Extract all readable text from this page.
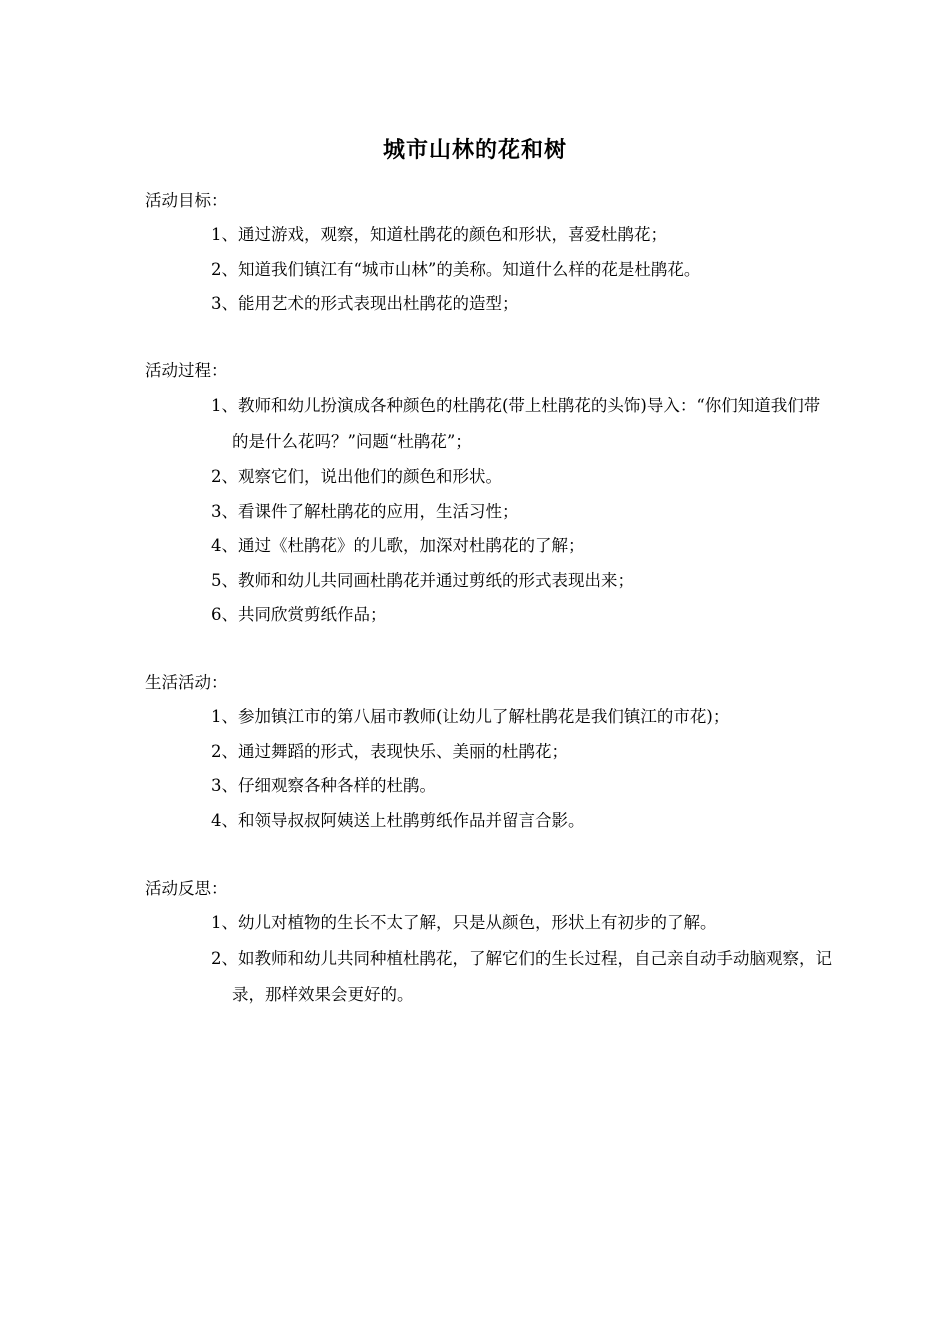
城市山林的花和树
活动目标：
1、通过游戏，观察，知道杜鹃花的颜色和形状，喜爱杜鹃花；
2、知道我们镇江有“城市山林”的美称。知道什么样的花是杜鹃花。
3、能用艺术的形式表现出杜鹃花的造型；
活动过程：
1、教师和幼儿扮演成各种颜色的杜鹃花(带上杜鹃花的头饰)导入：“你们知道我们带的是什么花吗？”问题“杜鹃花”；
2、观察它们，说出他们的颜色和形状。
3、看课件了解杜鹃花的应用，生活习性；
4、通过《杜鹃花》的儿歌，加深对杜鹃花的了解；
5、教师和幼儿共同画杜鹃花并通过剪纸的形式表现出来；
6、共同欣赏剪纸作品；
生活活动：
1、参加镇江市的第八届市教师(让幼儿了解杜鹃花是我们镇江的市花)；
2、通过舞蹈的形式，表现快乐、美丽的杜鹃花；
3、仔细观察各种各样的杜鹃。
4、和领导叔叔阿姨送上杜鹃剪纸作品并留言合影。
活动反思：
1、幼儿对植物的生长不太了解，只是从颜色，形状上有初步的了解。
2、如教师和幼儿共同种植杜鹃花，了解它们的生长过程，自己亲自动手动脑观察，记录，那样效果会更好的。
